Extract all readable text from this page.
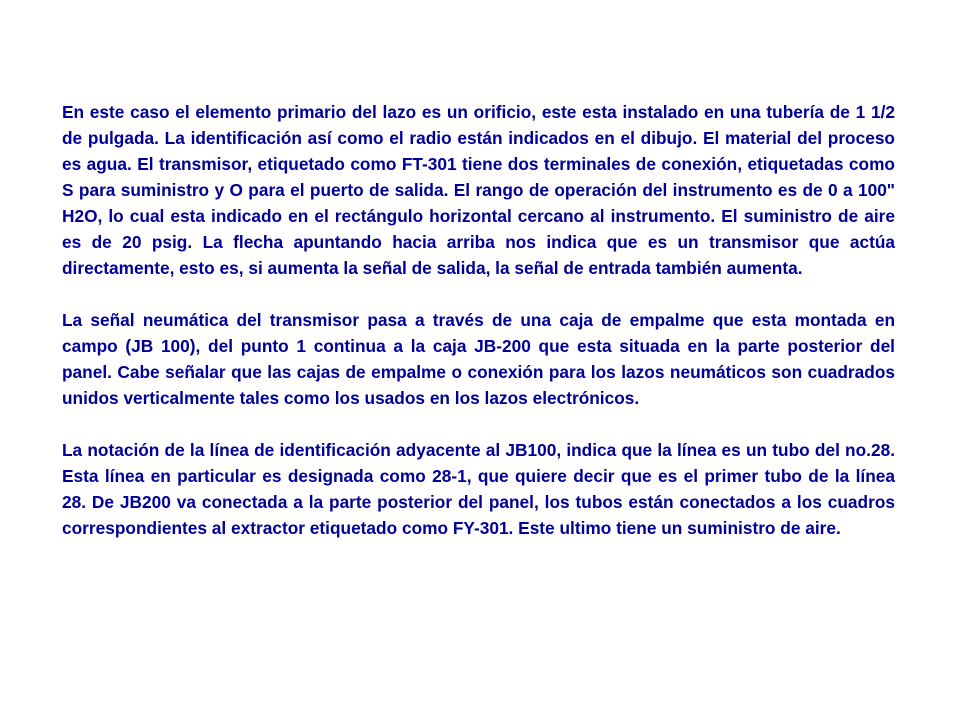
En este caso el elemento primario del lazo es un orificio, este esta instalado en una tubería de 1 1/2 de pulgada. La identificación así como el radio están indicados en el dibujo. El material del proceso es agua. El transmisor, etiquetado como FT-301 tiene dos terminales de conexión, etiquetadas como S para suministro y O para el puerto de salida. El rango de operación del instrumento es de 0 a 100" H2O, lo cual esta indicado en el rectángulo horizontal cercano al instrumento. El suministro de aire es de 20 psig. La flecha apuntando hacia arriba nos indica que es un transmisor que actúa directamente, esto es, si aumenta la señal de salida, la señal de entrada también aumenta.

La señal neumática del transmisor pasa a través de una caja de empalme que esta montada en campo (JB 100), del punto 1 continua a la caja JB-200 que esta situada en la parte posterior del panel. Cabe señalar que las cajas de empalme o conexión para los lazos neumáticos son cuadrados unidos verticalmente tales como los usados en los lazos electrónicos.

La notación de la línea de identificación adyacente al JB100, indica que la línea es un tubo del no.28. Esta línea en particular es designada como 28-1, que quiere decir que es el primer tubo de la línea 28. De JB200 va conectada a la parte posterior del panel, los tubos están conectados a los cuadros correspondientes al extractor etiquetado como FY-301. Este ultimo tiene un suministro de aire.
